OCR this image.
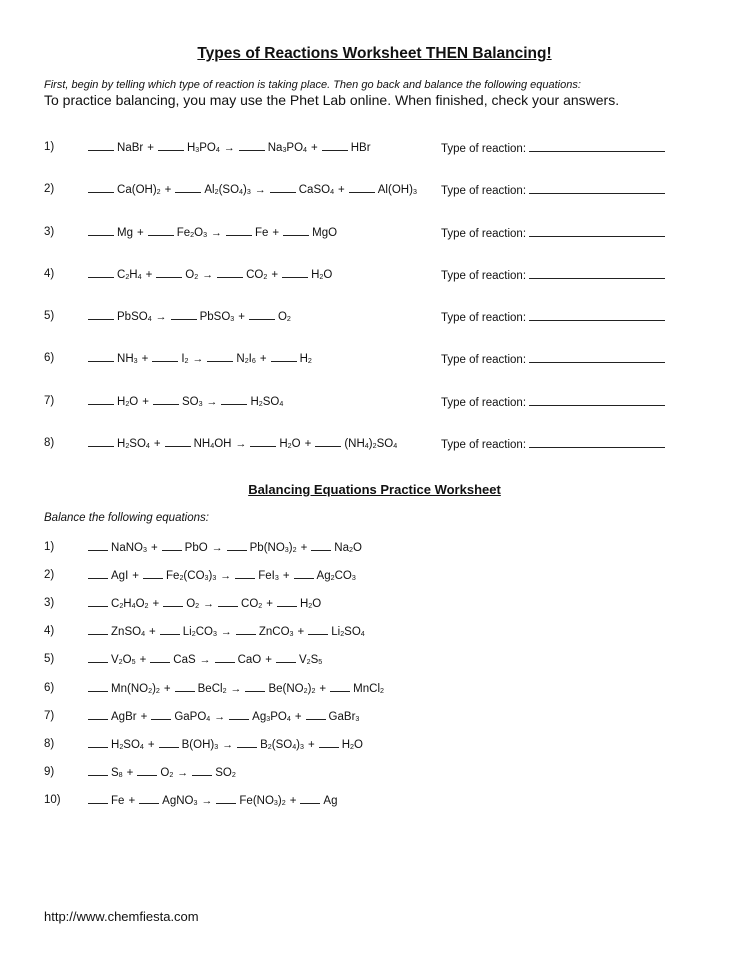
Types of Reactions Worksheet THEN Balancing!
First, begin by telling which type of reaction is taking place. Then go back and balance the following equations:
To practice balancing, you may use the Phet Lab online. When finished, check your answers.
1)	NaBr +	$H_3PO_4$ →	$Na_3PO_4$ +	HBr	Type of reaction:
2)	$Ca(OH)_2$ +	$Al_2(SO_4)_3$ →	CaSO$_4$ +	$Al(OH)_3$ Type of reaction:
3)	Mg +	$Fe_2O_3$ →	Fe +	MgO	Type of reaction:
4)	$C_2H_4$ +	$O_2$ →	$CO_2$ +	$H_2O$	Type of reaction:
5)	PbSO$_4$ →	PbSO$_3$ +	$O_2$	Type of reaction:
6)	$NH_3$ +	$I_2$ →	$N_2I_6$ +	$H_2$	Type of reaction:
7)	$H_2O$ +	$SO_3$ →	$H_2SO_4$	Type of reaction:
8)	$H_2SO_4$ +	$NH_4OH$ →	$H_2O$ +	$(NH_4)_2SO_4$	Type of reaction:
Balancing Equations Practice Worksheet
Balance the following equations:
1)	NaNO$_3$ + PbO → $Pb(NO_3)_2 + Na_2O$
2)	AgI + $Fe_2(CO_3)_3 \to FeI_3 + Ag_2CO_3$
3)	$C_2H_4O_2 + O_2 \to CO_2 + H_2O$
4)	ZnSO$_4$ + $Li_2CO_3$ → ZnCO$_3$ + $Li_2SO_4$
5)	$V_2O_5$ + CaS → CaO + $V_2S_5$
6)	$Mn(NO_2)_2$ + BeCl$_2$ → $Be(NO_2)_2$ + MnCl$_2$
7)	AgBr + GaPO$_4$ → $Ag_3PO_4$ + GaBr$_3$
8)	$H_2SO_4 + B(OH)_3 \to B_2(SO_4)_3 + H_2O$
9)	$S_8 + O_2 \to SO_2$
10)	Fe + AgNO$_3$ → $Fe(NO_3)_2 + Ag$
http://www.chemfiesta.com
